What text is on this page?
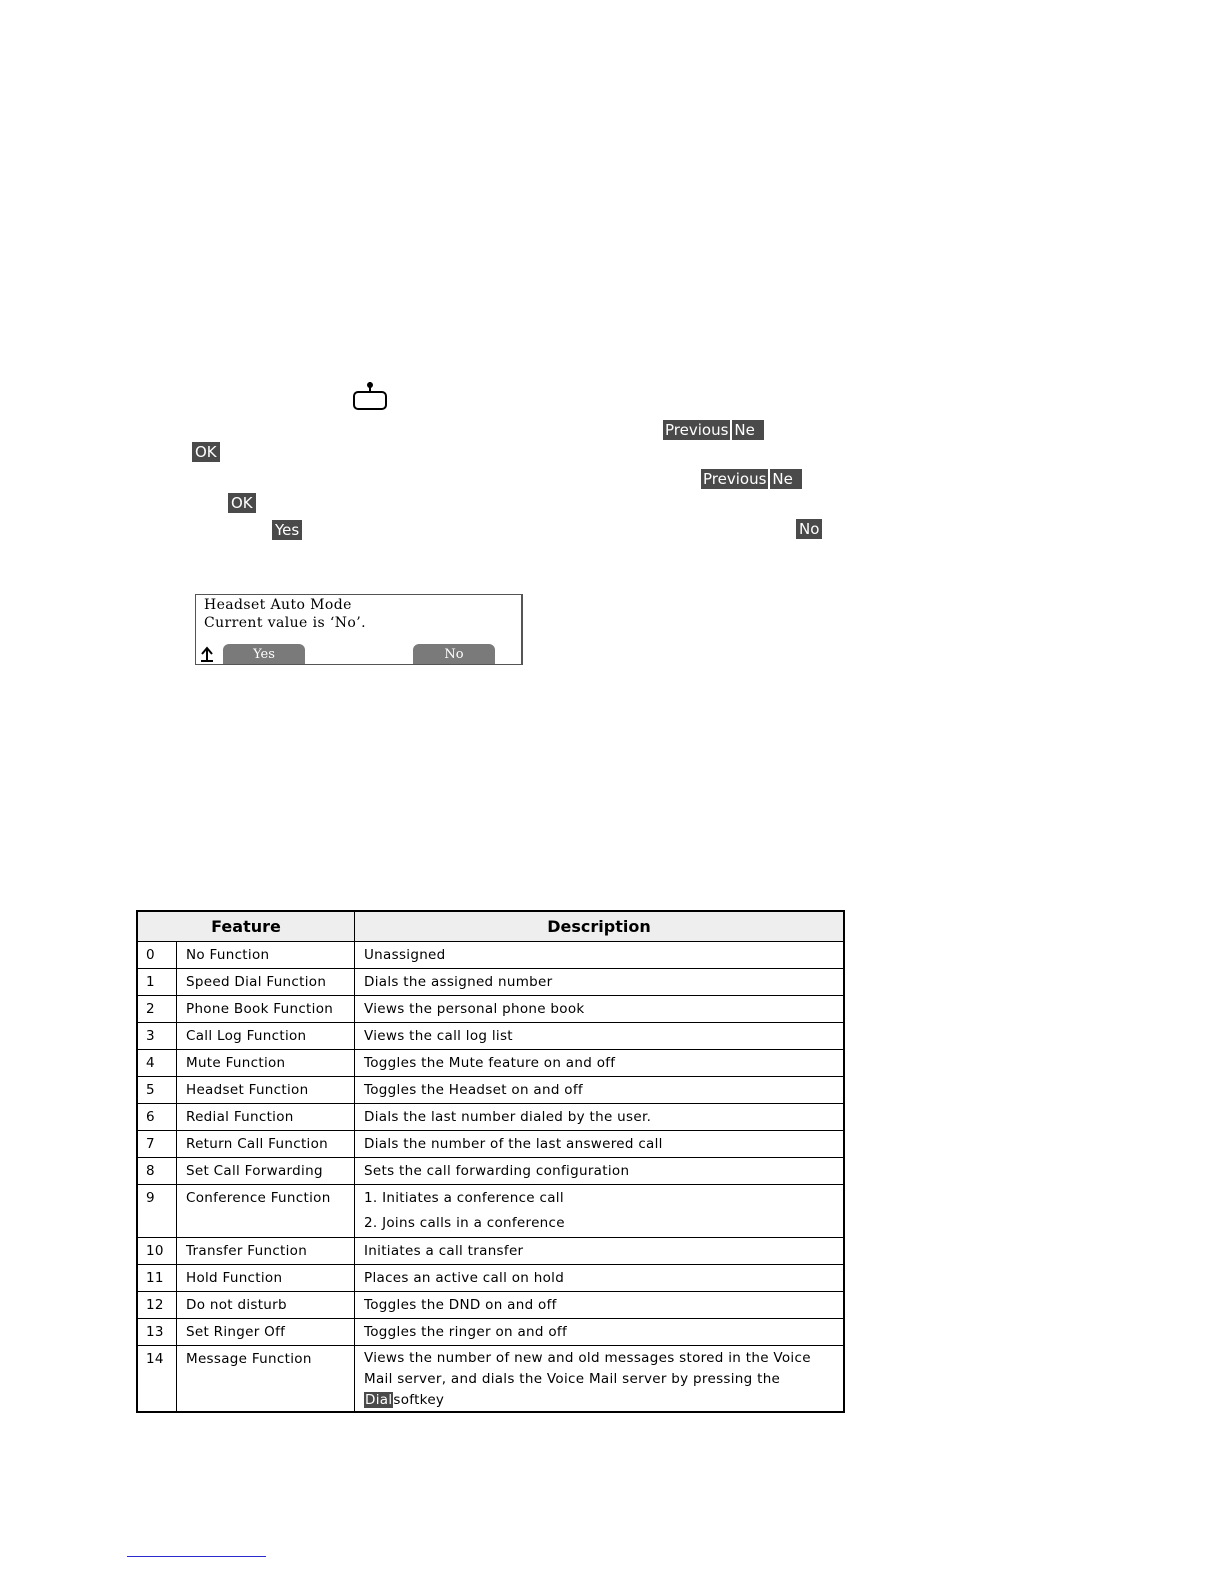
Previous Ne
OK
Previous Ne
OK
Yes	No
Headset Auto Mode
Current value is ‘No’.
Yes	No
Feature		Description
0	No Function	Unassigned

1	Speed Dial Function	Dials the assigned number

2	Phone Book Function	Views the personal phone book

3	Call Log Function	Views the call log list

4	Mute Function	Toggles the Mute feature on and off

5	Headset Function	Toggles the Headset on and off

6	Redial Function	Dials the last number dialed by the user.

7	Return Call Function	Dials the number of the last answered call

8	Set Call Forwarding	Sets the call forwarding configuration

9	Conference Function	1. Initiates a conference call
2. Joins calls in a conference

10	Transfer Function	Initiates a call transfer

11	Hold Function	Places an active call on hold

12	Do not disturb	Toggles the DND on and off

13	Set Ringer Off	Toggles the ringer on and off

14	Message Function	Views the number of new and old messages stored in the Voice Mail server, and dials the Voice Mail server by pressing the Dialsoftkey
